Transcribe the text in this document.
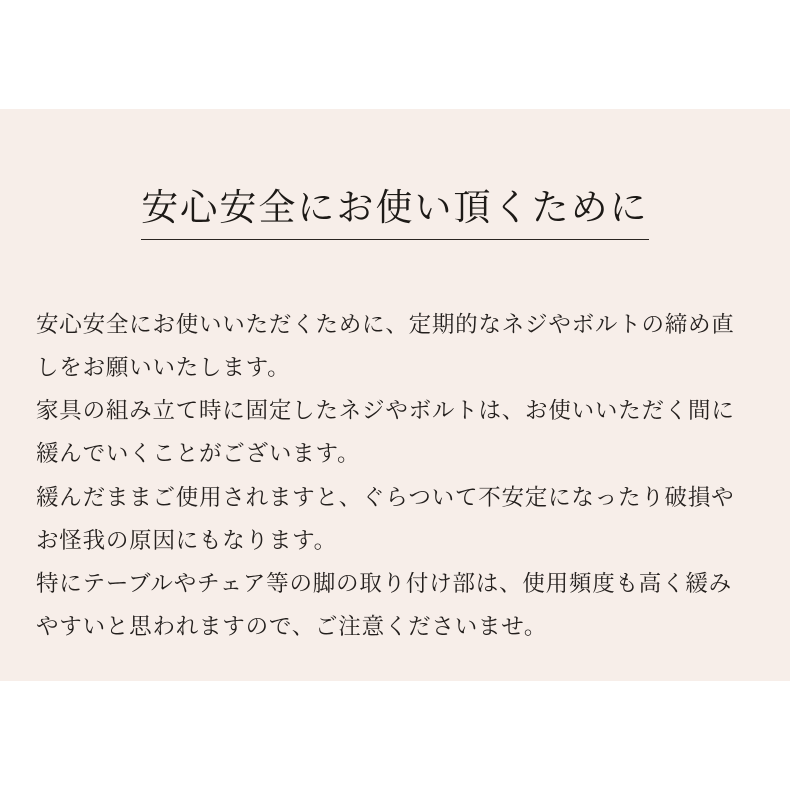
安心安全にお使い頂くために

安心安全にお使いいただくために、定期的なネジやボルトの締め直しをお願いいたします。

家具の組み立て時に固定したネジやボルトは、お使いいただく間に緩んでいくことがございます。

緩んだままご使用されますと、ぐらついて不安定になったり破損やお怪我の原因にもなります。

特にテーブルやチェア等の脚の取り付け部は、使用頻度も高く緩みやすいと思われますので、ご注意くださいませ。
